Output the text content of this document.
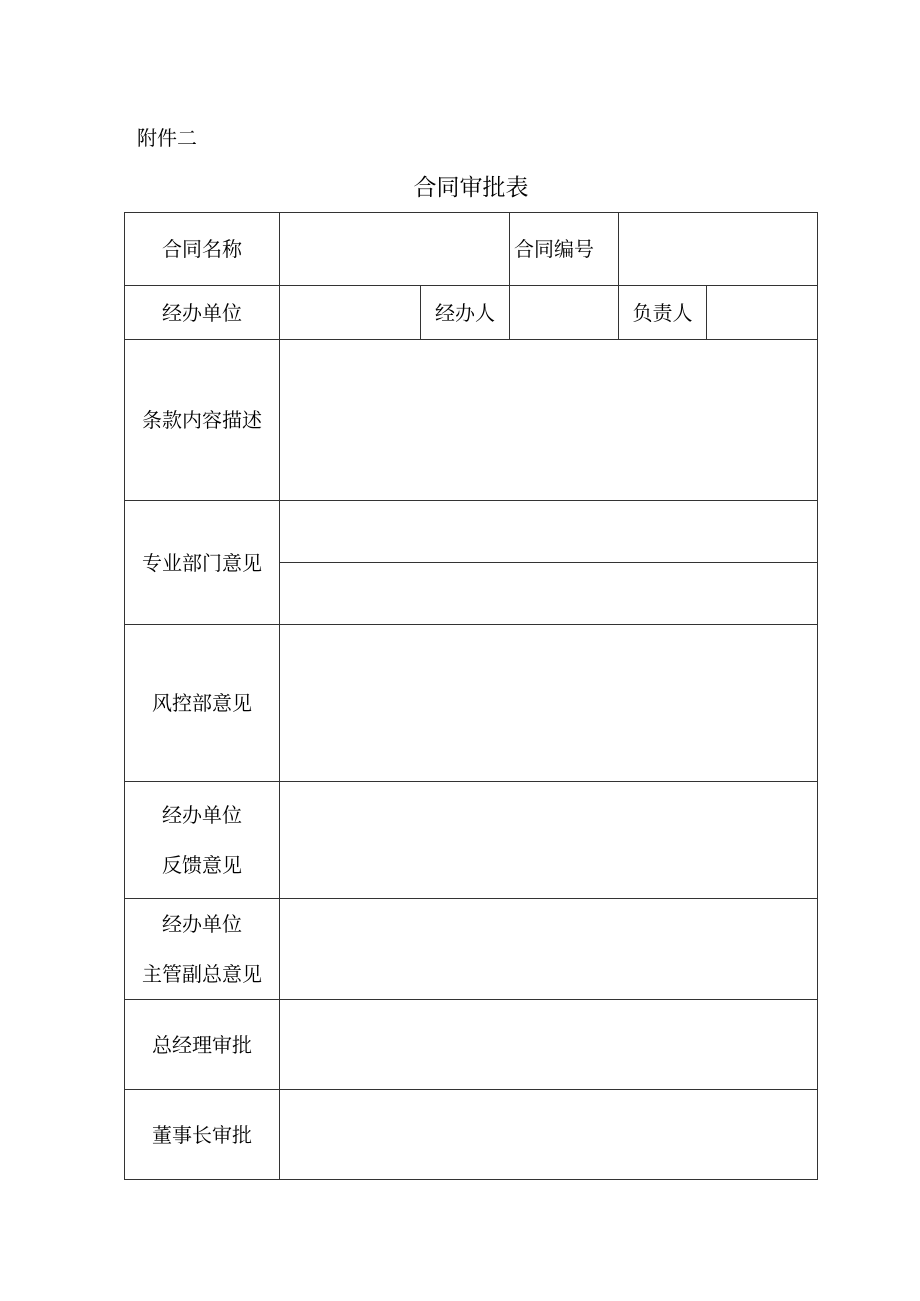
附件二
合同审批表
合同名称			合同编号		
经办单位		经办人		负责人	
条款内容描述					
专业部门意见					

风控部意见					

经办单位
反馈意见					

经办单位
主管副总意见					

总经理审批					
董事长审批					
